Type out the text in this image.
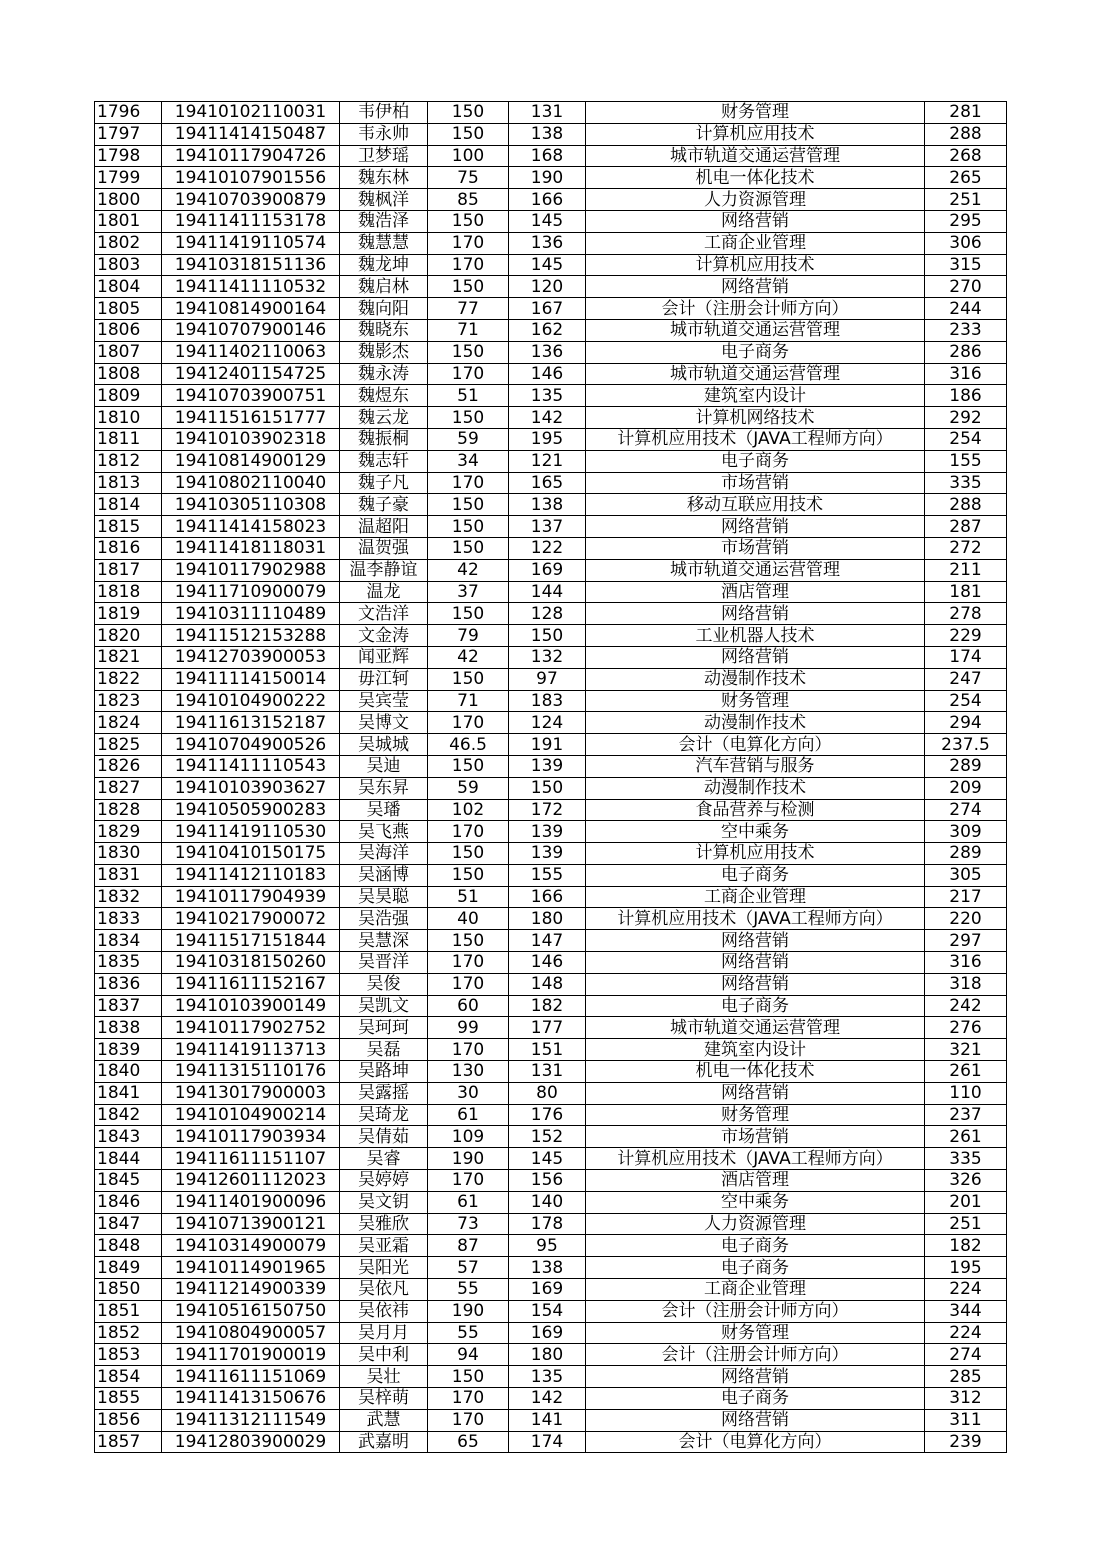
1796	19410102110031	韦伊柏	150	131	财务管理	281
1797	19411414150487	韦永帅	150	138	计算机应用技术	288
1798	19410117904726	卫梦瑶	100	168	城市轨道交通运营管理	268
1799	19410107901556	魏东林	75	190	机电一体化技术	265
1800	19410703900879	魏枫洋	85	166	人力资源管理	251
1801	19411411153178	魏浩泽	150	145	网络营销	295
1802	19411419110574	魏慧慧	170	136	工商企业管理	306
1803	19410318151136	魏龙坤	170	145	计算机应用技术	315
1804	19411411110532	魏启林	150	120	网络营销	270
1805	19410814900164	魏向阳	77	167	会计（注册会计师方向）	244
1806	19410707900146	魏晓东	71	162	城市轨道交通运营管理	233
1807	19411402110063	魏影杰	150	136	电子商务	286
1808	19412401154725	魏永涛	170	146	城市轨道交通运营管理	316
1809	19410703900751	魏煜东	51	135	建筑室内设计	186
1810	19411516151777	魏云龙	150	142	计算机网络技术	292
1811	19410103902318	魏振桐	59	195	计算机应用技术（JAVA工程师方向）	254
1812	19410814900129	魏志轩	34	121	电子商务	155
1813	19410802110040	魏子凡	170	165	市场营销	335
1814	19410305110308	魏子豪	150	138	移动互联应用技术	288
1815	19411414158023	温超阳	150	137	网络营销	287
1816	19411418118031	温贺强	150	122	市场营销	272
1817	19410117902988	温李静谊	42	169	城市轨道交通运营管理	211
1818	19411710900079	温龙	37	144	酒店管理	181
1819	19410311110489	文浩洋	150	128	网络营销	278
1820	19411512153288	文金涛	79	150	工业机器人技术	229
1821	19412703900053	闻亚辉	42	132	网络营销	174
1822	19411114150014	毋江轲	150	97	动漫制作技术	247
1823	19410104900222	吴宾莹	71	183	财务管理	254
1824	19411613152187	吴博文	170	124	动漫制作技术	294
1825	19410704900526	吴城城	46.5	191	会计（电算化方向）	237.5
1826	19411411110543	吴迪	150	139	汽车营销与服务	289
1827	19410103903627	吴东昇	59	150	动漫制作技术	209
1828	19410505900283	吴璠	102	172	食品营养与检测	274
1829	19411419110530	吴飞燕	170	139	空中乘务	309
1830	19410410150175	吴海洋	150	139	计算机应用技术	289
1831	19411412110183	吴涵博	150	155	电子商务	305
1832	19410117904939	吴昊聪	51	166	工商企业管理	217
1833	19410217900072	吴浩强	40	180	计算机应用技术（JAVA工程师方向）	220
1834	19411517151844	吴慧深	150	147	网络营销	297
1835	19410318150260	吴晋洋	170	146	网络营销	316
1836	19411611152167	吴俊	170	148	网络营销	318
1837	19410103900149	吴凯文	60	182	电子商务	242
1838	19410117902752	吴珂珂	99	177	城市轨道交通运营管理	276
1839	19411419113713	吴磊	170	151	建筑室内设计	321
1840	19411315110176	吴路坤	130	131	机电一体化技术	261
1841	19413017900003	吴露摇	30	80	网络营销	110
1842	19410104900214	吴琦龙	61	176	财务管理	237
1843	19410117903934	吴倩茹	109	152	市场营销	261
1844	19411611151107	吴睿	190	145	计算机应用技术（JAVA工程师方向）	335
1845	19412601112023	吴婷婷	170	156	酒店管理	326
1846	19411401900096	吴文钥	61	140	空中乘务	201
1847	19410713900121	吴雅欣	73	178	人力资源管理	251
1848	19410314900079	吴亚霜	87	95	电子商务	182
1849	19410114901965	吴阳光	57	138	电子商务	195
1850	19411214900339	吴依凡	55	169	工商企业管理	224
1851	19410516150750	吴依祎	190	154	会计（注册会计师方向）	344
1852	19410804900057	吴月月	55	169	财务管理	224
1853	19411701900019	吴中利	94	180	会计（注册会计师方向）	274
1854	19411611151069	吴壮	150	135	网络营销	285
1855	19411413150676	吴梓萌	170	142	电子商务	312
1856	19411312111549	武慧	170	141	网络营销	311
1857	19412803900029	武嘉明	65	174	会计（电算化方向）	239
